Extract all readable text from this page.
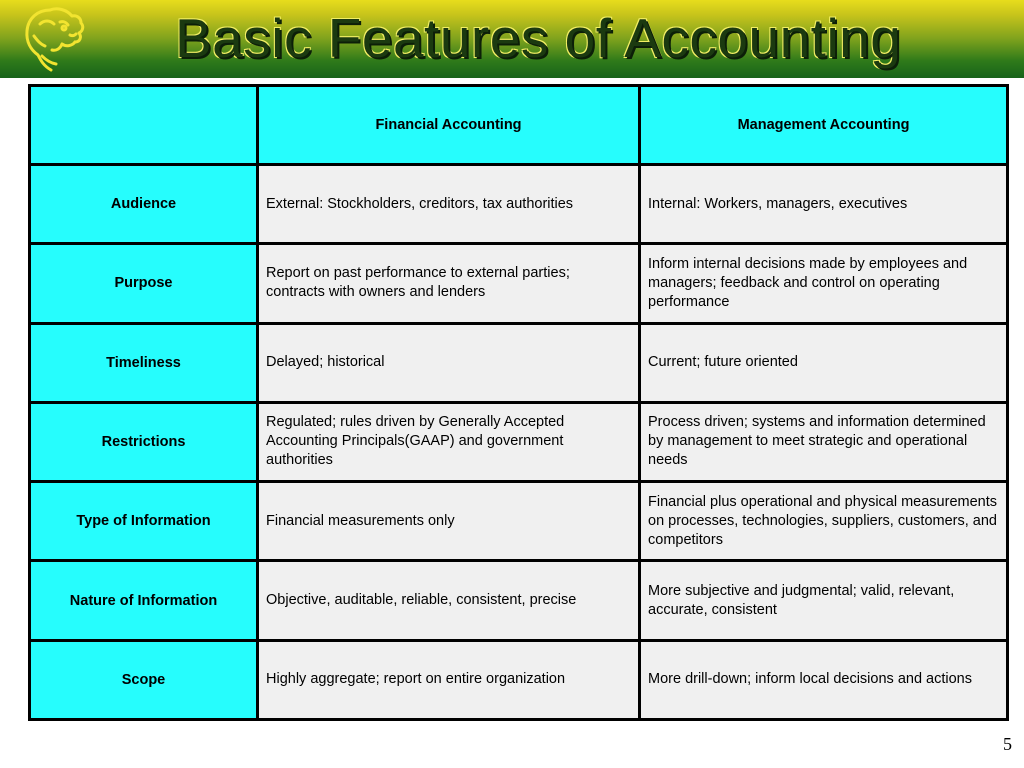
Basic Features of Accounting
	Financial Accounting	Management Accounting
Audience	External: Stockholders, creditors, tax authorities	Internal: Workers, managers, executives
Purpose	Report on past performance to external parties; contracts with owners and lenders	Inform internal decisions made by employees and managers; feedback and control on operating performance
Timeliness	Delayed; historical	Current; future oriented
Restrictions	Regulated; rules driven by Generally Accepted Accounting Principals(GAAP) and government authorities	Process driven; systems and information determined by management to meet strategic and operational needs
Type of Information	Financial measurements only	Financial plus operational and physical measurements on processes, technologies, suppliers, customers, and competitors
Nature of Information	Objective, auditable, reliable, consistent, precise	More subjective and judgmental; valid, relevant, accurate, consistent
Scope	Highly aggregate; report on entire organization	More drill-down; inform local decisions and actions
5
